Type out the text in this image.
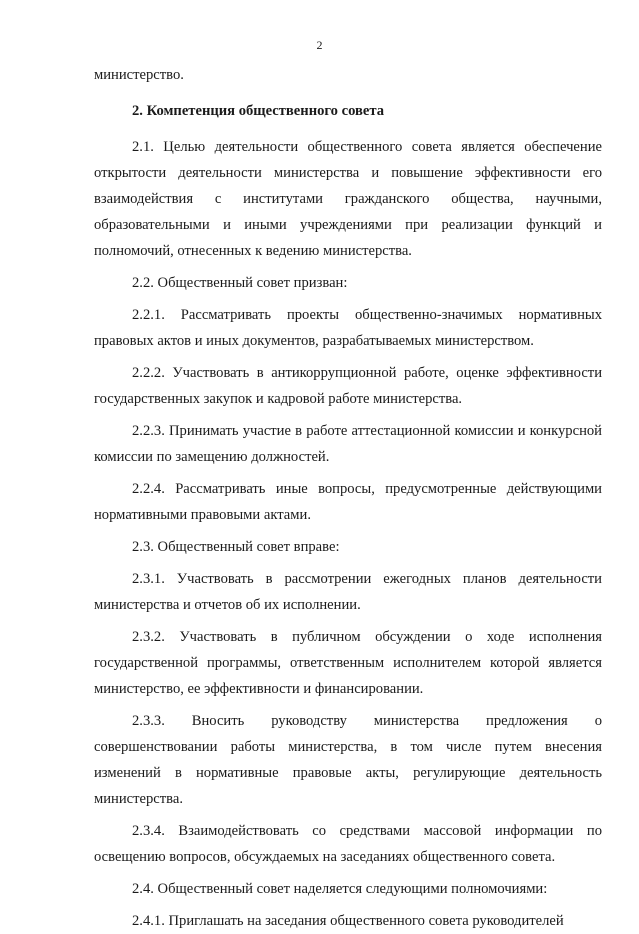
2

министерство.

2. Компетенция общественного совета

2.1. Целью деятельности общественного совета является обеспечение открытости деятельности министерства и повышение эффективности его взаимодействия с институтами гражданского общества, научными, образовательными и иными учреждениями при реализации функций и полномочий, отнесенных к ведению министерства.

2.2. Общественный совет призван:

2.2.1. Рассматривать проекты общественно-значимых нормативных правовых актов и иных документов, разрабатываемых министерством.

2.2.2. Участвовать в антикоррупционной работе, оценке эффективности государственных закупок и кадровой работе министерства.

2.2.3. Принимать участие в работе аттестационной комиссии и конкурсной комиссии по замещению должностей.

2.2.4. Рассматривать иные вопросы, предусмотренные действующими нормативными правовыми актами.

2.3. Общественный совет вправе:

2.3.1. Участвовать в рассмотрении ежегодных планов деятельности министерства и отчетов об их исполнении.

2.3.2. Участвовать в публичном обсуждении о ходе исполнения государственной программы, ответственным исполнителем которой является министерство, ее эффективности и финансировании.

2.3.3. Вносить руководству министерства предложения о совершенствовании работы министерства, в том числе путем внесения изменений в нормативные правовые акты, регулирующие деятельность министерства.

2.3.4. Взаимодействовать со средствами массовой информации по освещению вопросов, обсуждаемых на заседаниях общественного совета.

2.4. Общественный совет наделяется следующими полномочиями:

2.4.1. Приглашать на заседания общественного совета руководителей
